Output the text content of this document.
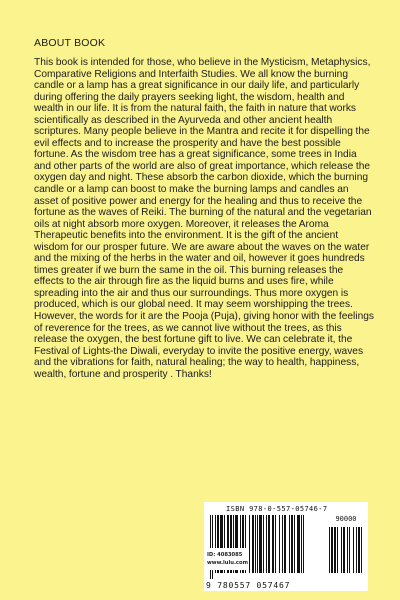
ABOUT BOOK

This book is intended for those, who believe in the Mysticism, Metaphysics, Comparative Religions and Interfaith Studies. We all know the burning candle or a lamp has a great significance in our daily life, and particularly during offering the daily prayers seeking light, the wisdom, health and wealth in our life. It is from the natural faith, the faith in nature that works scientifically as described in the Ayurveda and other ancient health scriptures. Many people believe in the Mantra and recite it for dispelling the evil effects and to increase the prosperity and have the best possible fortune. As the wisdom tree has a great significance, some trees in India and other parts of the world are also of great importance, which release the oxygen day and night. These absorb the carbon dioxide, which the burning candle or a lamp can boost to make the burning lamps and candles an asset of positive power and energy for the healing and thus to receive the fortune as the waves of Reiki. The burning of the natural and the vegetarian oils at night absorb more oxygen. Moreover, it releases the Aroma Therapeutic benefits into the environment. It is the gift of the ancient wisdom for our prosper future. We are aware about the waves on the water and the mixing of the herbs in the water and oil, however it goes hundreds times greater if we burn the same in the oil. This burning releases the effects to the air through fire as the liquid burns and uses fire, while spreading into the air and thus our surroundings. Thus more oxygen is produced, which is our global need. It may seem worshipping the trees. However, the words for it are the Pooja (Puja), giving honor with the feelings of reverence for the trees, as we cannot live without the trees, as this release the oxygen, the best fortune gift to live. We can celebrate it, the Festival of Lights-the Diwali, everyday to invite the positive energy, waves and the vibrations for faith, natural healing; the way to health, happiness, wealth, fortune and prosperity . Thanks!

ISBN 978-0-557-05746-7
90000
9 780557 057467
ID: 4083085
www.lulu.com
